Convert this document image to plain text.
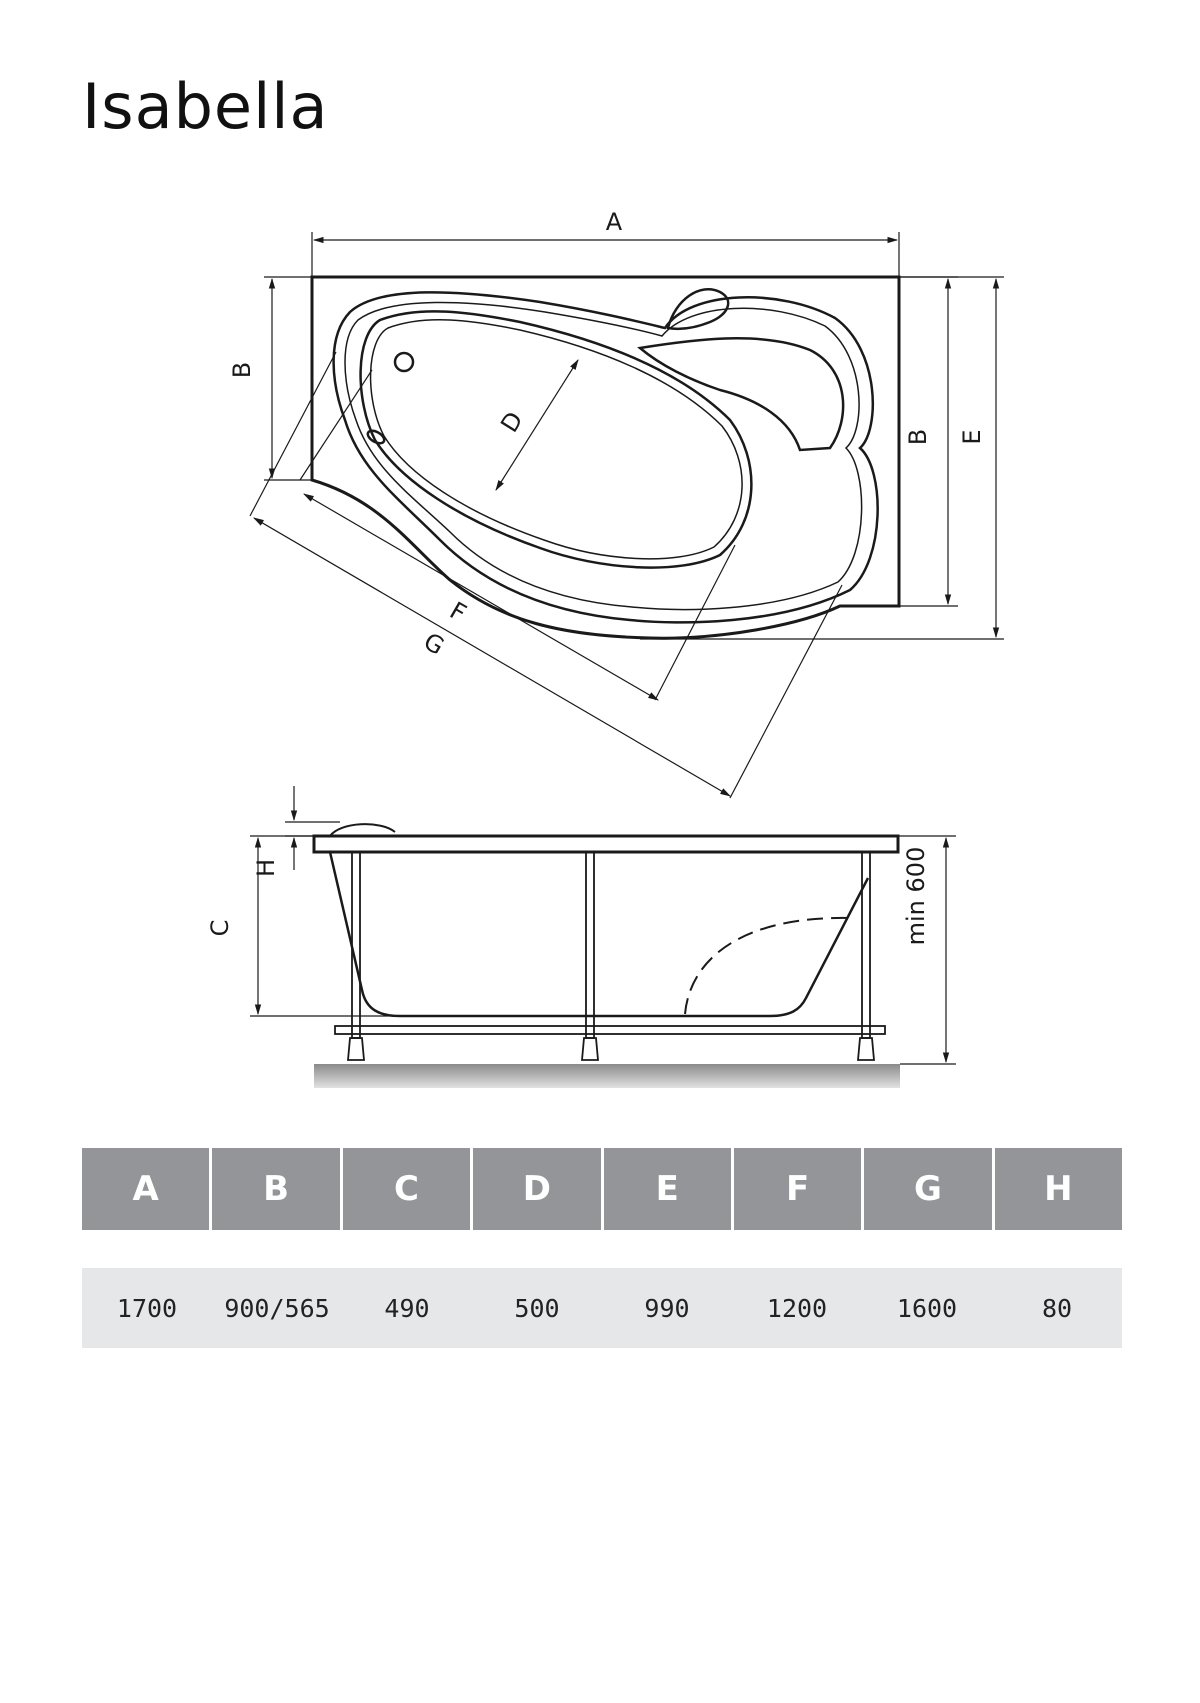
Isabella
A
B
B E
D
F
G
H
C	min 600
A	B	C	D	E	F	G	H
1700	900/565	490	500	990	1200	1600	80
